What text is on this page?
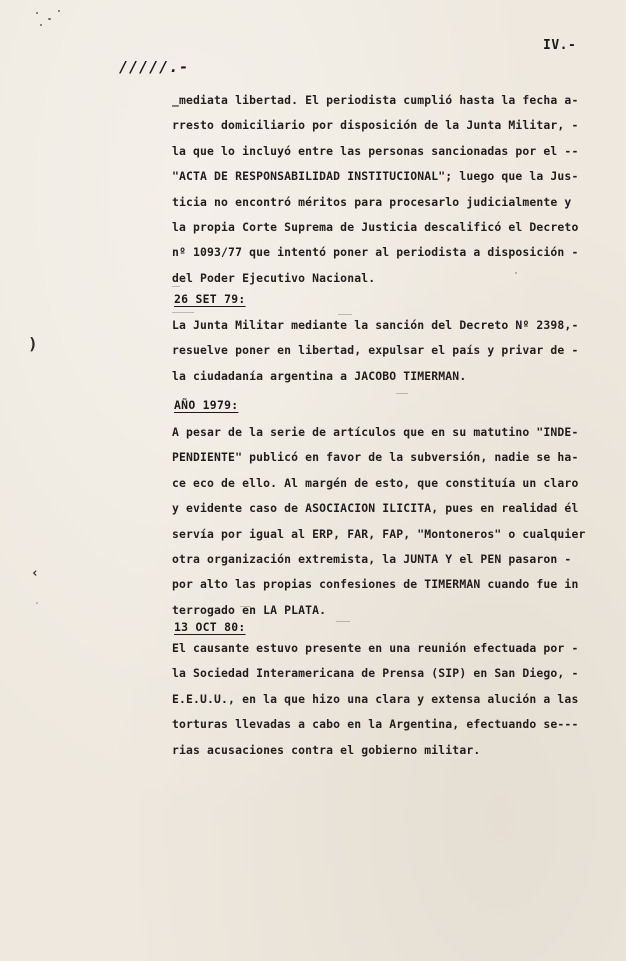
IV.-
/////.-
_mediata libertad. El periodista cumplió hasta la fecha a-
rresto domiciliario por disposición de la Junta Militar, -
la que lo incluyó entre las personas sancionadas por el --
"ACTA DE RESPONSABILIDAD INSTITUCIONAL"; luego que la Jus-
ticia no encontró méritos para procesarlo judicialmente y
la propia Corte Suprema de Justicia descalificó el Decreto
nº 1093/77 que intentó poner al periodista a disposición -
del Poder Ejecutivo Nacional.
26 SET 79:
La Junta Militar mediante la sanción del Decreto Nº 2398,-
resuelve poner en libertad, expulsar el país y privar de -
la ciudadanía argentina a JACOBO TIMERMAN.
AÑO 1979:
A pesar de la serie de artículos que en su matutino "INDE-
PENDIENTE" publicó en favor de la subversión, nadie se ha-
ce eco de ello. Al margén de esto, que constituía un claro
y evidente caso de ASOCIACION ILICITA, pues en realidad él
servía por igual al ERP, FAR, FAP, "Montoneros" o cualquier
otra organización extremista, la JUNTA Y el PEN pasaron -
por alto las propias confesiones de TIMERMAN cuando fue in
terrogado en LA PLATA.
13 OCT 80:
El causante estuvo presente en una reunión efectuada por -
la Sociedad Interamericana de Prensa (SIP) en San Diego, -
E.E.U.U., en la que hizo una clara y extensa alución a las
torturas llevadas a cabo en la Argentina, efectuando se---
rias acusaciones contra el gobierno militar.
)
‹
